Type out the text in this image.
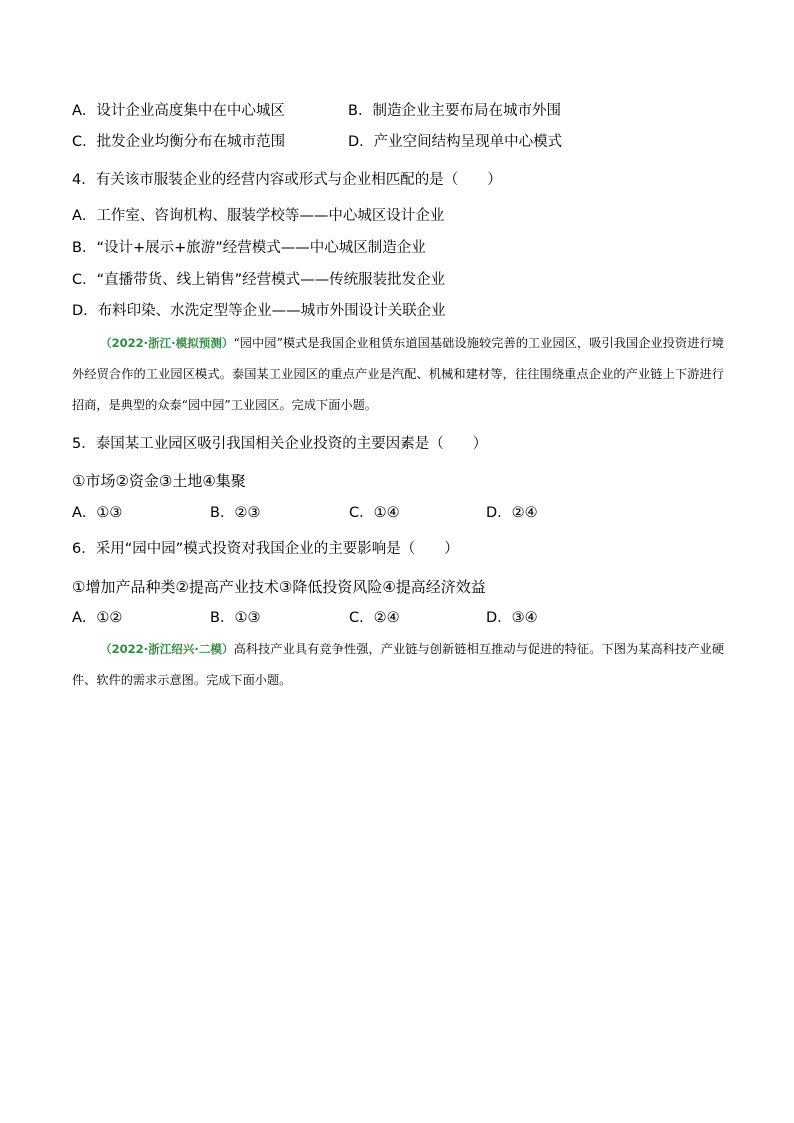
A．设计企业高度集中在中心城区	B．制造企业主要布局在城市外围
C．批发企业均衡分布在城市范围	D．产业空间结构呈现单中心模式
4．有关该市服装企业的经营内容或形式与企业相匹配的是（　　）
A．工作室、咨询机构、服装学校等——中心城区设计企业
B．“设计+展示+旅游”经营模式——中心城区制造企业
C．“直播带货、线上销售”经营模式——传统服装批发企业
D．布料印染、水洗定型等企业——城市外围设计关联企业
（2022·浙江·模拟预测）“园中园”模式是我国企业租赁东道国基础设施较完善的工业园区，吸引我国企业投资进行境外经贸合作的工业园区模式。泰国某工业园区的重点产业是汽配、机械和建材等，往往围绕重点企业的产业链上下游进行招商，是典型的众泰“园中园”工业园区。完成下面小题。
5．泰国某工业园区吸引我国相关企业投资的主要因素是（　　）
①市场②资金③土地④集聚
A．①③	B．②③	C．①④	D．②④
6．采用“园中园”模式投资对我国企业的主要影响是（　　）
①增加产品种类②提高产业技术③降低投资风险④提高经济效益
A．①②	B．①③	C．②④	D．③④
（2022·浙江绍兴·二模）高科技产业具有竞争性强，产业链与创新链相互推动与促进的特征。下图为某高科技产业硬件、软件的需求示意图。完成下面小题。
